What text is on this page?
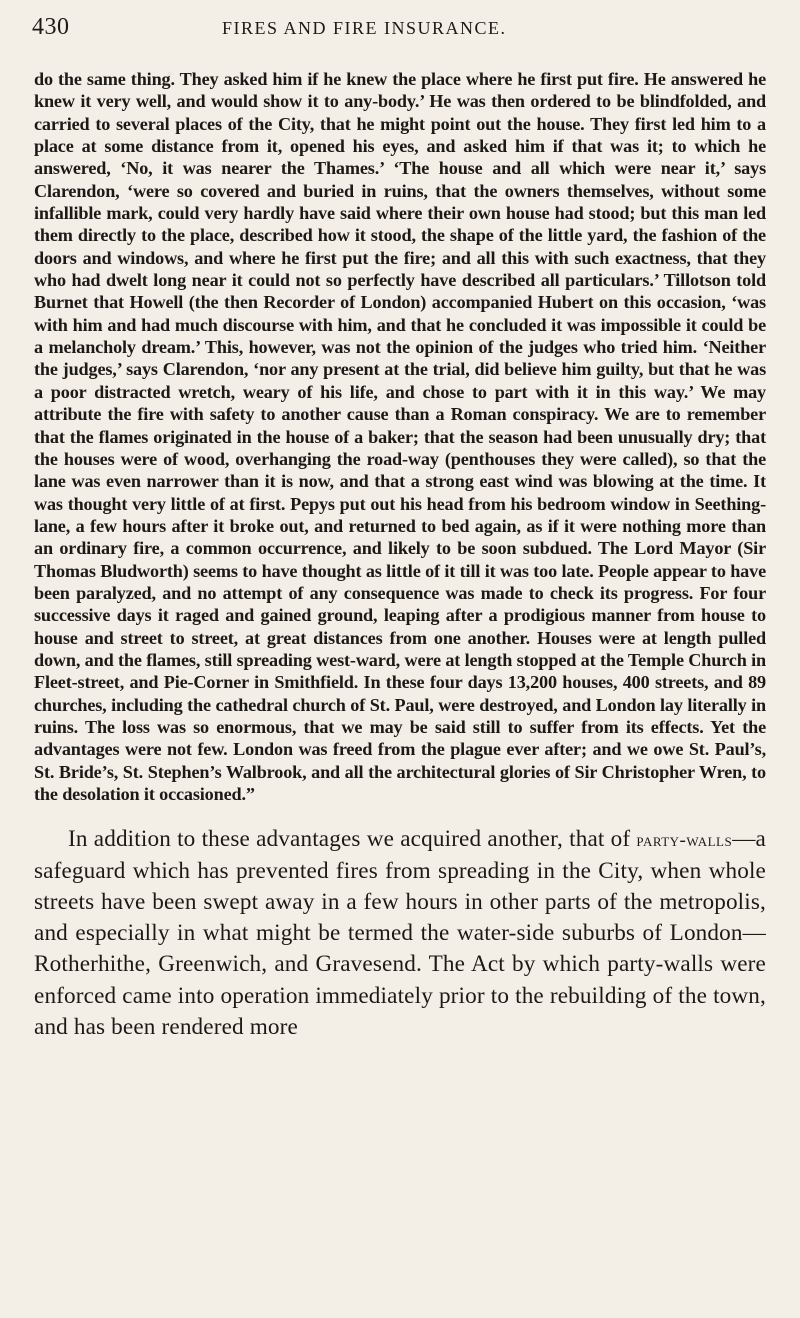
430	FIRES AND FIRE INSURANCE.

do the same thing. They asked him if he knew the place where he first put fire. He answered he knew it very well, and would show it to any-body.’ He was then ordered to be blindfolded, and carried to several places of the City, that he might point out the house. They first led him to a place at some distance from it, opened his eyes, and asked him if that was it; to which he answered, ‘No, it was nearer the Thames.’ ‘The house and all which were near it,’ says Clarendon, ‘were so covered and buried in ruins, that the owners themselves, without some infallible mark, could very hardly have said where their own house had stood; but this man led them directly to the place, described how it stood, the shape of the little yard, the fashion of the doors and windows, and where he first put the fire; and all this with such exactness, that they who had dwelt long near it could not so perfectly have described all particulars.’ Tillotson told Burnet that Howell (the then Recorder of London) accompanied Hubert on this occasion, ‘was with him and had much discourse with him, and that he concluded it was impossible it could be a melancholy dream.’ This, however, was not the opinion of the judges who tried him. ‘Neither the judges,’ says Clarendon, ‘nor any present at the trial, did believe him guilty, but that he was a poor distracted wretch, weary of his life, and chose to part with it in this way.’ We may attribute the fire with safety to another cause than a Roman conspiracy. We are to remember that the flames originated in the house of a baker; that the season had been unusually dry; that the houses were of wood, overhanging the road-way (penthouses they were called), so that the lane was even narrower than it is now, and that a strong east wind was blowing at the time. It was thought very little of at first. Pepys put out his head from his bedroom window in Seething-lane, a few hours after it broke out, and returned to bed again, as if it were nothing more than an ordinary fire, a common occurrence, and likely to be soon subdued. The Lord Mayor (Sir Thomas Bludworth) seems to have thought as little of it till it was too late. People appear to have been paralyzed, and no attempt of any consequence was made to check its progress. For four successive days it raged and gained ground, leaping after a prodigious manner from house to house and street to street, at great distances from one another. Houses were at length pulled down, and the flames, still spreading west-ward, were at length stopped at the Temple Church in Fleet-street, and Pie-Corner in Smithfield. In these four days 13,200 houses, 400 streets, and 89 churches, including the cathedral church of St. Paul, were destroyed, and London lay literally in ruins. The loss was so enormous, that we may be said still to suffer from its effects. Yet the advantages were not few. London was freed from the plague ever after; and we owe St. Paul’s, St. Bride’s, St. Stephen’s Walbrook, and all the architectural glories of Sir Christopher Wren, to the desolation it occasioned.”

In addition to these advantages we acquired another, that of party-walls—a safeguard which has prevented fires from spreading in the City, when whole streets have been swept away in a few hours in other parts of the metropolis, and especially in what might be termed the water-side suburbs of London—Rotherhithe, Greenwich, and Gravesend. The Act by which party-walls were enforced came into operation immediately prior to the rebuilding of the town, and has been rendered more
